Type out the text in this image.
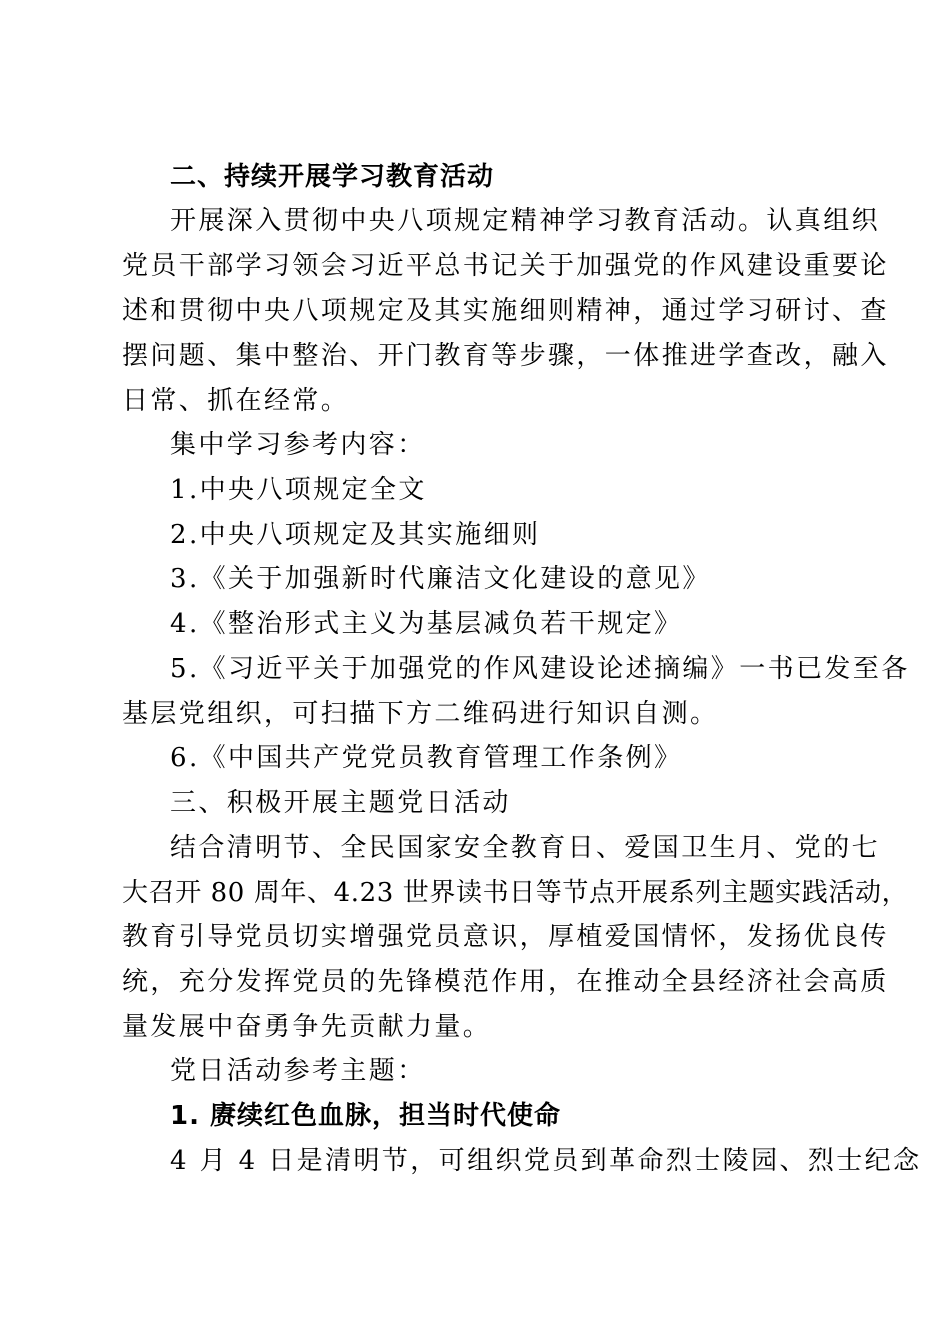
二、持续开展学习教育活动
开展深入贯彻中央八项规定精神学习教育活动。认真组织
党员干部学习领会习近平总书记关于加强党的作风建设重要论
述和贯彻中央八项规定及其实施细则精神，通过学习研讨、查
摆问题、集中整治、开门教育等步骤，一体推进学查改，融入
日常、抓在经常。
集中学习参考内容：
1.中央八项规定全文
2.中央八项规定及其实施细则
3.《关于加强新时代廉洁文化建设的意见》
4.《整治形式主义为基层减负若干规定》
5.《习近平关于加强党的作风建设论述摘编》一书已发至各
基层党组织，可扫描下方二维码进行知识自测。
6.《中国共产党党员教育管理工作条例》
三、积极开展主题党日活动
结合清明节、全民国家安全教育日、爱国卫生月、党的七
大召开 80 周年、4.23 世界读书日等节点开展系列主题实践活动，
教育引导党员切实增强党员意识，厚植爱国情怀，发扬优良传
统，充分发挥党员的先锋模范作用，在推动全县经济社会高质
量发展中奋勇争先贡献力量。
党日活动参考主题：
1. 赓续红色血脉，担当时代使命
4 月 4 日是清明节，可组织党员到革命烈士陵园、烈士纪念
